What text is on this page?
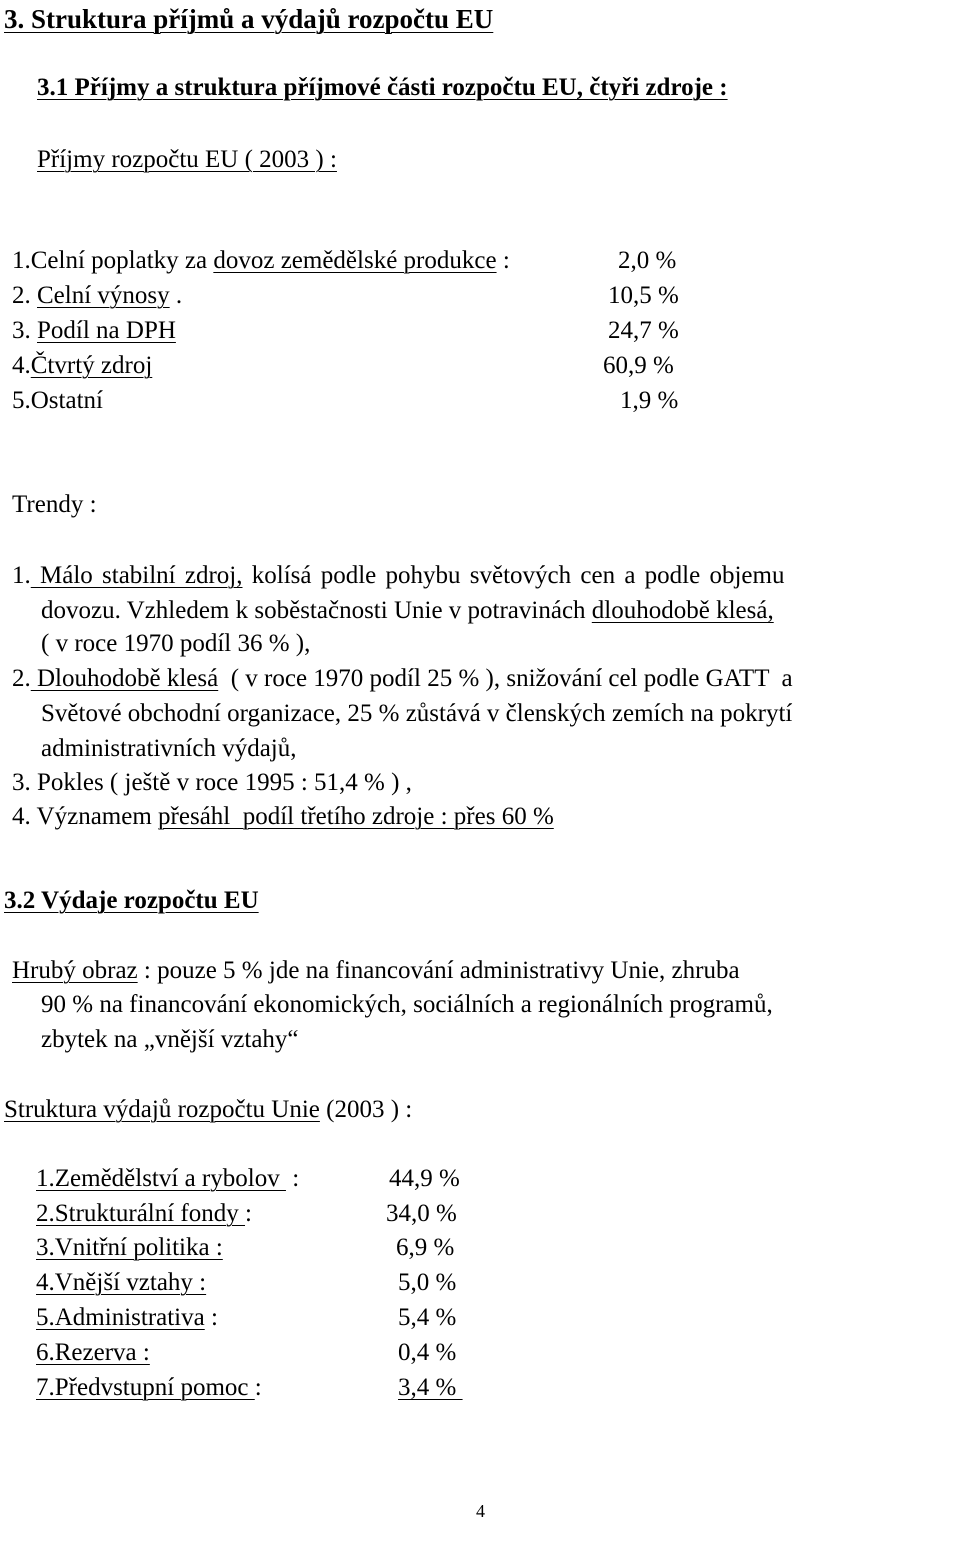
3. Struktura příjmů a výdajů rozpočtu EU
3.1 Příjmy a struktura příjmové části rozpočtu EU, čtyři zdroje :
Příjmy rozpočtu EU ( 2003 ) :
1.Celní poplatky za dovoz zemědělské produkce :	2,0 %
2. Celní výnosy .	10,5 %
3. Podíl na DPH	24,7 %
4.Čtvrtý zdroj	60,9 %
5.Ostatní	1,9 %
Trendy :
1. Málo stabilní zdroj, kolísá podle pohybu světových cen a podle objemu
dovozu. Vzhledem k soběstačnosti Unie v potravinách dlouhodobě klesá,
( v roce 1970 podíl 36 % ),
2. Dlouhodobě klesá  ( v roce 1970 podíl 25 % ), snižování cel podle GATT  a
Světové obchodní organizace, 25 % zůstává v členských zemích na pokrytí
administrativních výdajů,
3. Pokles ( ještě v roce 1995 : 51,4 % ) ,
4. Významem přesáhl  podíl třetího zdroje : přes 60 %
3.2 Výdaje rozpočtu EU
Hrubý obraz : pouze 5 % jde na financování administrativy Unie, zhruba
90 % na financování ekonomických, sociálních a regionálních programů,
zbytek na „vnější vztahy“
Struktura výdajů rozpočtu Unie (2003 ) :
1.Zemědělství a rybolov  :	44,9 %
2.Strukturální fondy :	34,0 %
3.Vnitřní politika :	6,9 %
4.Vnější vztahy :	5,0 %
5.Administrativa :	5,4 %
6.Rezerva :	0,4 %
7.Předvstupní pomoc :	3,4 %
4
